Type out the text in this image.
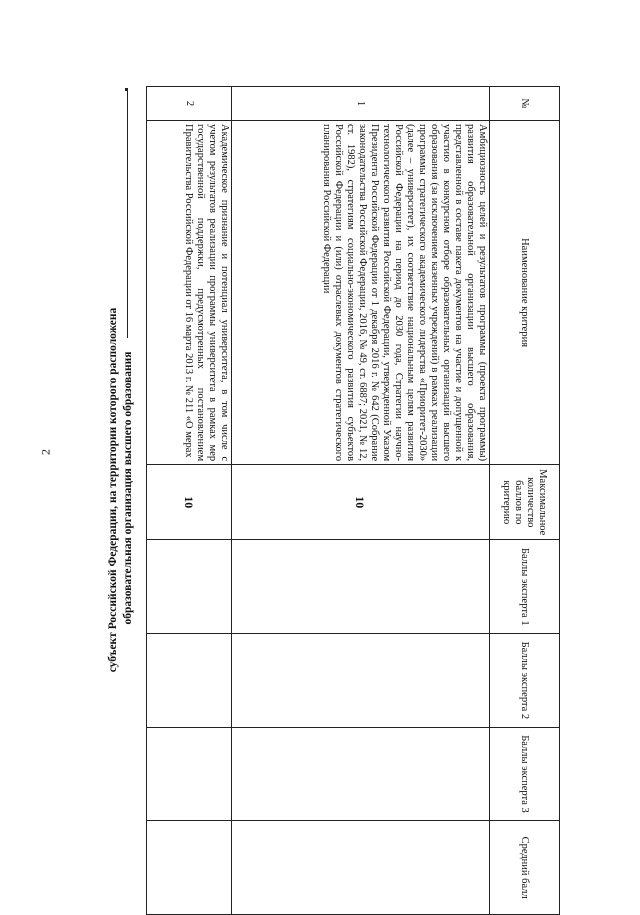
2	субъект Российской Федерации, на территории которого расположена образовательная организация высшего образования
№	Наименование критерия	Максимальное количество баллов по критерию	Баллы эксперта 1	Баллы эксперта 2	Баллы эксперта 3	Средний балл
1	Амбициозность целей и результатов программы (проекта программы) развития образовательной организации высшего образования, представленной в составе пакета документов на участие и допущенной к участию в конкурсном отборе образовательных организаций высшего образования (за исключением казенных учреждений) в рамках реализации программы стратегического академического лидерства «Приоритет-2030» (далее – университет), их соответствие национальным целям развития Российской Федерации на период до 2030 года, Стратегии научно-технологического развития Российской Федерации, утвержденной Указом Президента Российской Федерации от 1 декабря 2016 г. № 642 (Собрание законодательства Российской Федерации, 2016, № 49, ст. 6887; 2021, № 12, ст. 1982), стратегиям социально-экономического развития субъектов Российской Федерации и (или) отраслевых документов стратегического планирования Российской Федерации	10				
2	Академическое признание и потенциал университета, в том числе с учетом результатов реализации программы университета в рамках мер государственной поддержки, предусмотренных постановлением Правительства Российской Федерации от 16 марта 2013 г. № 211 «О мерах	10				
